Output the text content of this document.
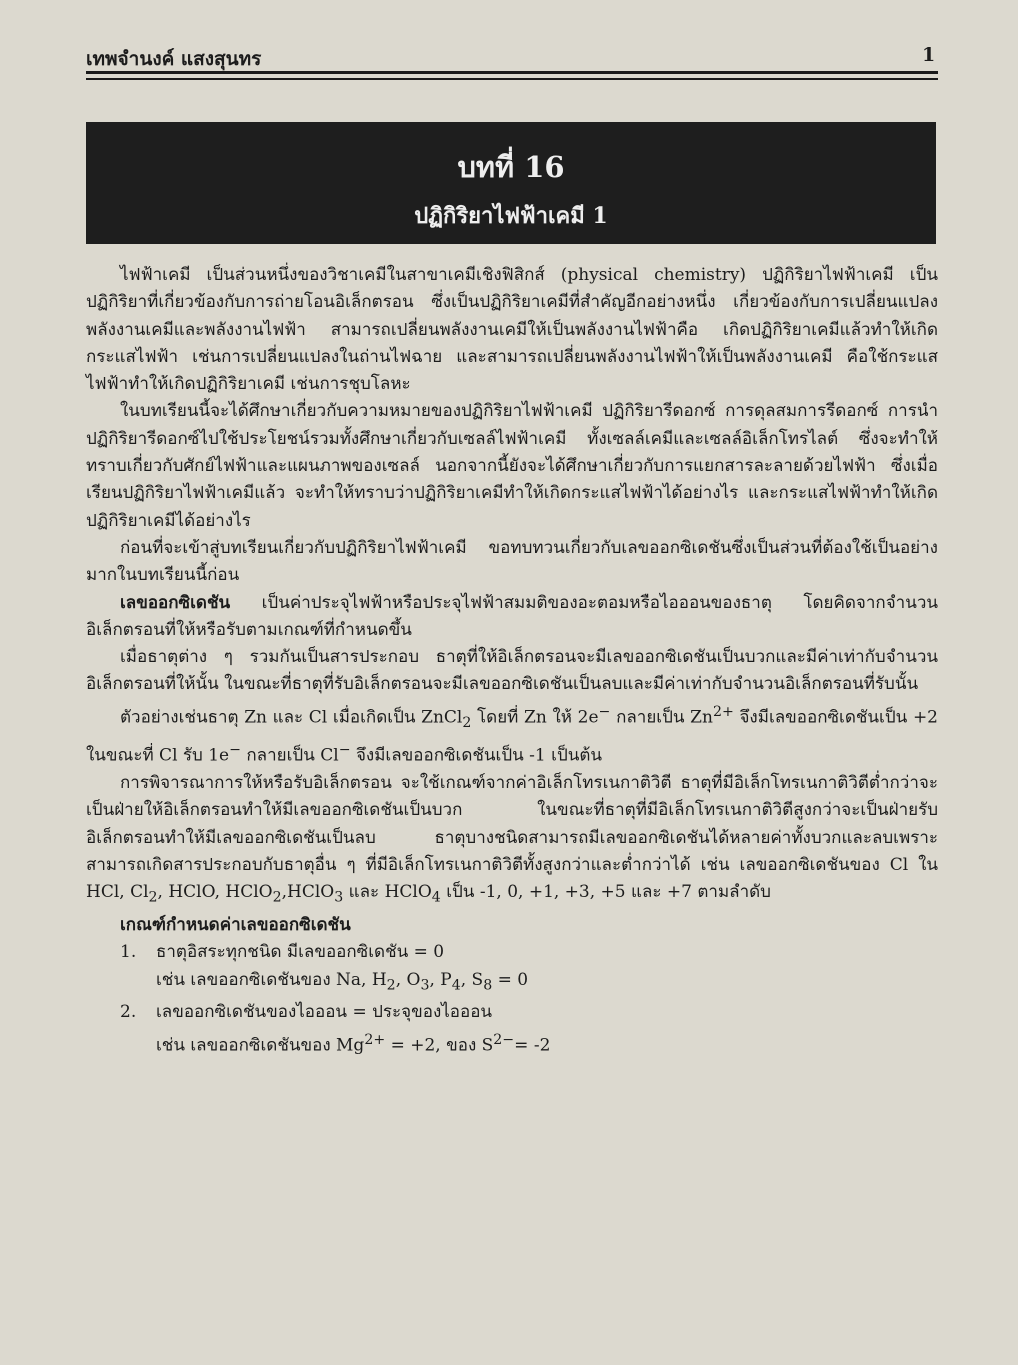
เทพจำนงค์ แสงสุนทร	1
บทที่ 16
ปฏิกิริยาไฟฟ้าเคมี 1

ไฟฟ้าเคมี เป็นส่วนหนึ่งของวิชาเคมีในสาขาเคมีเชิงฟิสิกส์ (physical chemistry) ปฏิกิริยาไฟฟ้าเคมี เป็นปฏิกิริยาที่เกี่ยวข้องกับการถ่ายโอนอิเล็กตรอน ซึ่งเป็นปฏิกิริยาเคมีที่สำคัญอีกอย่างหนึ่ง เกี่ยวข้องกับการเปลี่ยนแปลงพลังงานเคมีและพลังงานไฟฟ้า สามารถเปลี่ยนพลังงานเคมีให้เป็นพลังงานไฟฟ้าคือ เกิดปฏิกิริยาเคมีแล้วทำให้เกิดกระแสไฟฟ้า เช่นการเปลี่ยนแปลงในถ่านไฟฉาย และสามารถเปลี่ยนพลังงานไฟฟ้าให้เป็นพลังงานเคมี คือใช้กระแสไฟฟ้าทำให้เกิดปฏิกิริยาเคมี เช่นการชุบโลหะ

ในบทเรียนนี้จะได้ศึกษาเกี่ยวกับความหมายของปฏิกิริยาไฟฟ้าเคมี ปฏิกิริยารีดอกซ์ การดุลสมการรีดอกซ์ การนำปฏิกิริยารีดอกซ์ไปใช้ประโยชน์รวมทั้งศึกษาเกี่ยวกับเซลล์ไฟฟ้าเคมี ทั้งเซลล์เคมีและเซลล์อิเล็กโทรไลต์ ซึ่งจะทำให้ทราบเกี่ยวกับศักย์ไฟฟ้าและแผนภาพของเซลล์ นอกจากนี้ยังจะได้ศึกษาเกี่ยวกับการแยกสารละลายด้วยไฟฟ้า ซึ่งเมื่อเรียนปฏิกิริยาไฟฟ้าเคมีแล้ว จะทำให้ทราบว่าปฏิกิริยาเคมีทำให้เกิดกระแสไฟฟ้าได้อย่างไร และกระแสไฟฟ้าทำให้เกิดปฏิกิริยาเคมีได้อย่างไร

ก่อนที่จะเข้าสู่บทเรียนเกี่ยวกับปฏิกิริยาไฟฟ้าเคมี ขอทบทวนเกี่ยวกับเลขออกซิเดชันซึ่งเป็นส่วนที่ต้องใช้เป็นอย่างมากในบทเรียนนี้ก่อน

เลขออกซิเดชัน เป็นค่าประจุไฟฟ้าหรือประจุไฟฟ้าสมมติของอะตอมหรือไอออนของธาตุ โดยคิดจากจำนวนอิเล็กตรอนที่ให้หรือรับตามเกณฑ์ที่กำหนดขึ้น

เมื่อธาตุต่าง ๆ รวมกันเป็นสารประกอบ ธาตุที่ให้อิเล็กตรอนจะมีเลขออกซิเดชันเป็นบวกและมีค่าเท่ากับจำนวนอิเล็กตรอนที่ให้นั้น ในขณะที่ธาตุที่รับอิเล็กตรอนจะมีเลขออกซิเดชันเป็นลบและมีค่าเท่ากับจำนวนอิเล็กตรอนที่รับนั้น

ตัวอย่างเช่นธาตุ Zn และ Cl เมื่อเกิดเป็น ZnCl$_2$ โดยที่ Zn ให้ 2e− กลายเป็น $Zn^{2+}$ จึงมีเลขออกซิเดชันเป็น +2 ในขณะที่ Cl รับ 1e− กลายเป็น Cl− จึงมีเลขออกซิเดชันเป็น -1 เป็นต้น

การพิจารณาการให้หรือรับอิเล็กตรอน จะใช้เกณฑ์จากค่าอิเล็กโทรเนกาติวิตี ธาตุที่มีอิเล็กโทรเนกาติวิตีต่ำกว่าจะเป็นฝ่ายให้อิเล็กตรอนทำให้มีเลขออกซิเดชันเป็นบวก ในขณะที่ธาตุที่มีอิเล็กโทรเนกาติวิตีสูงกว่าจะเป็นฝ่ายรับอิเล็กตรอนทำให้มีเลขออกซิเดชันเป็นลบ ธาตุบางชนิดสามารถมีเลขออกซิเดชันได้หลายค่าทั้งบวกและลบเพราะสามารถเกิดสารประกอบกับธาตุอื่น ๆ ที่มีอิเล็กโทรเนกาติวิตีทั้งสูงกว่าและต่ำกว่าได้ เช่น เลขออกซิเดชันของ Cl ใน HCl, $Cl_2$, HClO, HClO$_2$,HClO$_3$ และ HClO$_4$ เป็น -1, 0, +1, +3, +5 และ +7 ตามลำดับ

เกณฑ์กำหนดค่าเลขออกซิเดชัน

1.	ธาตุอิสระทุกชนิด มีเลขออกซิเดชัน = 0
เช่น เลขออกซิเดชันของ Na, $H_2$, $O_3$, $P_4$, $S_8 = 0$
2.	เลขออกซิเดชันของไอออน = ประจุของไอออน
เช่น เลขออกซิเดชันของ $Mg^{2+} = +2$, ของ $S^{2-}= -2$
